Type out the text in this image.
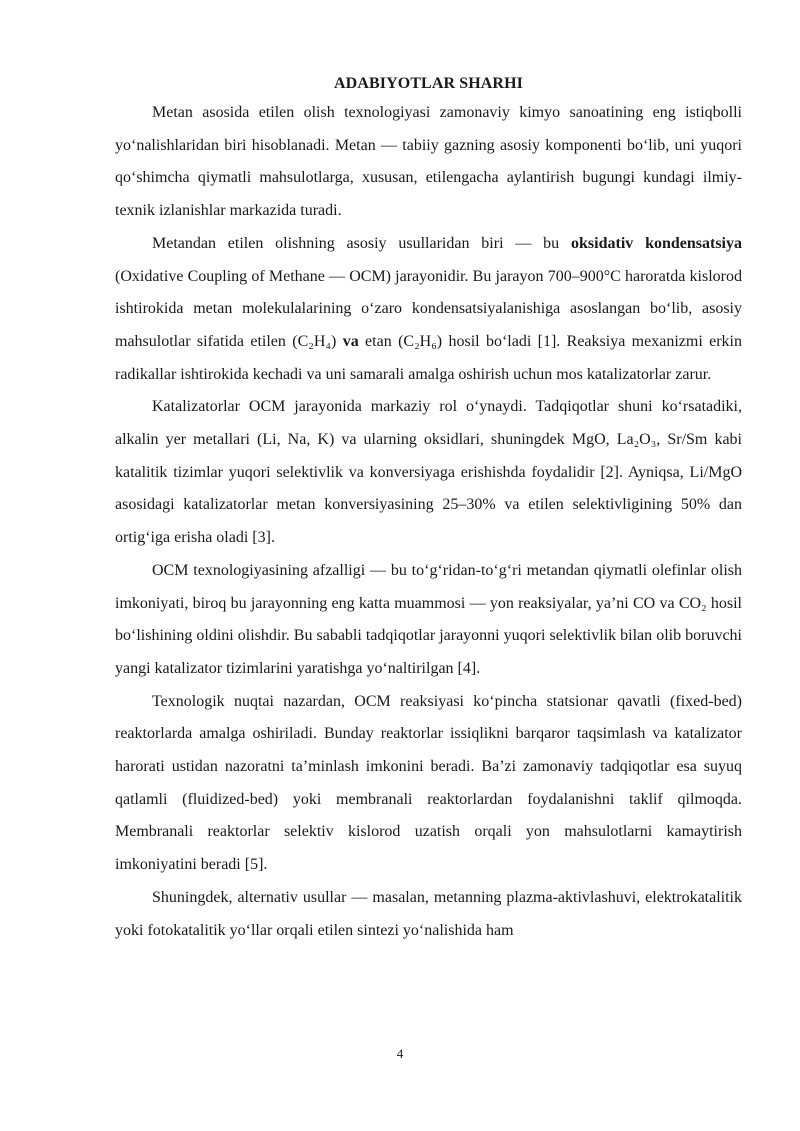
ADABIYOTLAR SHARHI

Metan asosida etilen olish texnologiyasi zamonaviy kimyo sanoatining eng istiqbolli yo‘nalishlaridan biri hisoblanadi. Metan — tabiiy gazning asosiy komponenti bo‘lib, uni yuqori qo‘shimcha qiymatli mahsulotlarga, xususan, etilengacha aylantirish bugungi kundagi ilmiy-texnik izlanishlar markazida turadi.

Metandan etilen olishning asosiy usullaridan biri — bu oksidativ kondensatsiya (Oxidative Coupling of Methane — OCM) jarayonidir. Bu jarayon 700–900°C haroratda kislorod ishtirokida metan molekulalarining o‘zaro kondensatsiyalanishiga asoslangan bo‘lib, asosiy mahsulotlar sifatida etilen (C₂H₄) va etan (C₂H₆) hosil bo‘ladi [1]. Reaksiya mexanizmi erkin radikallar ishtirokida kechadi va uni samarali amalga oshirish uchun mos katalizatorlar zarur.

Katalizatorlar OCM jarayonida markaziy rol o‘ynaydi. Tadqiqotlar shuni ko‘rsatadiki, alkalin yer metallari (Li, Na, K) va ularning oksidlari, shuningdek MgO, La₂O₃, Sr/Sm kabi katalitik tizimlar yuqori selektivlik va konversiyaga erishishda foydalidir [2]. Ayniqsa, Li/MgO asosidagi katalizatorlar metan konversiyasining 25–30% va etilen selektivligining 50% dan ortig‘iga erisha oladi [3].

OCM texnologiyasining afzalligi — bu to‘g‘ridan-to‘g‘ri metandan qiymatli olefinlar olish imkoniyati, biroq bu jarayonning eng katta muammosi — yon reaksiyalar, ya’ni CO va CO₂ hosil bo‘lishining oldini olishdir. Bu sababli tadqiqotlar jarayonni yuqori selektivlik bilan olib boruvchi yangi katalizator tizimlarini yaratishga yo‘naltirilgan [4].

Texnologik nuqtai nazardan, OCM reaksiyasi ko‘pincha statsionar qavatli (fixed-bed) reaktorlarda amalga oshiriladi. Bunday reaktorlar issiqlikni barqaror taqsimlash va katalizator harorati ustidan nazoratni ta’minlash imkonini beradi. Ba’zi zamonaviy tadqiqotlar esa suyuq qatlamli (fluidized-bed) yoki membranali reaktorlardan foydalanishni taklif qilmoqda. Membranali reaktorlar selektiv kislorod uzatish orqali yon mahsulotlarni kamaytirish imkoniyatini beradi [5].

Shuningdek, alternativ usullar — masalan, metanning plazma-aktivlashuvi, elektrokatalitik yoki fotokatalitik yo‘llar orqali etilen sintezi yo‘nalishida ham

4
